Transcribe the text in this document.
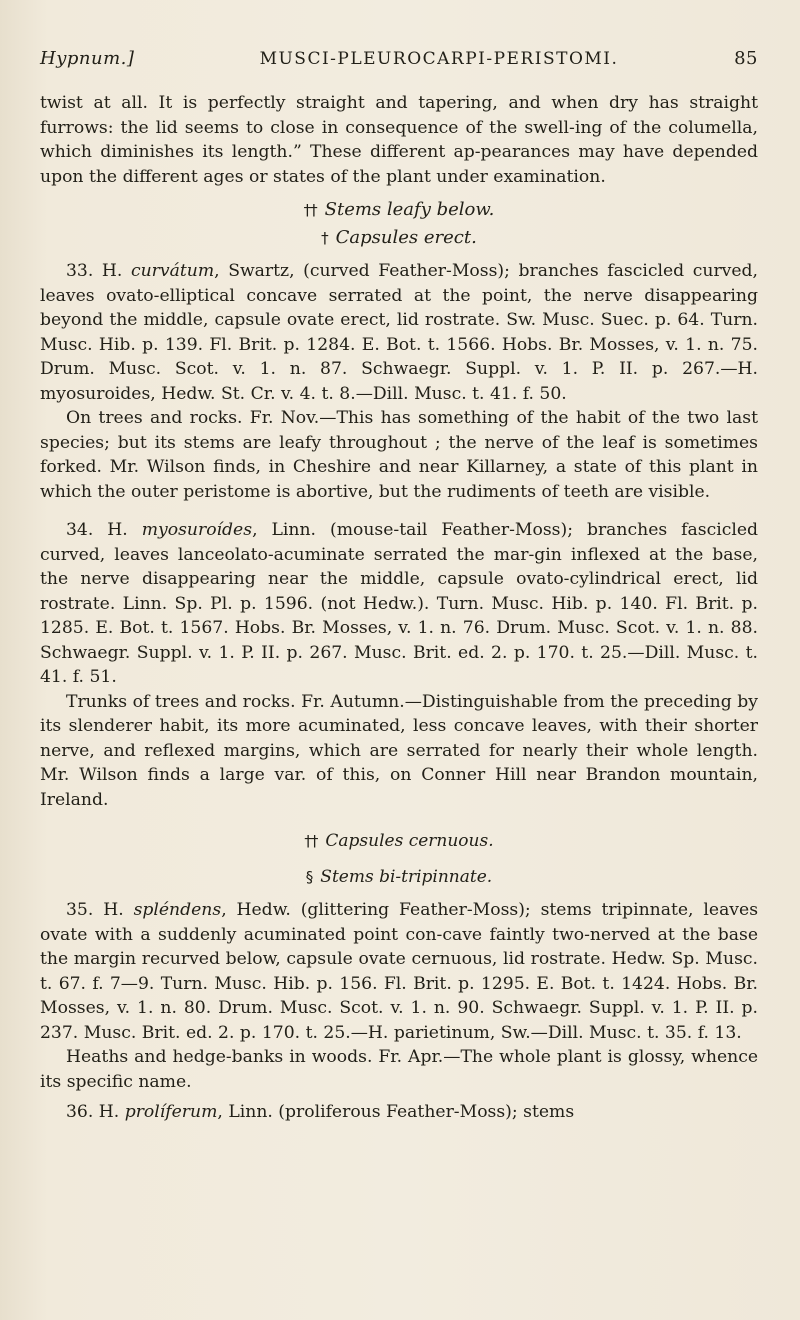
Hypnum.]	MUSCI-PLEUROCARPI-PERISTOMI.	85

twist at all. It is perfectly straight and tapering, and when dry has straight furrows: the lid seems to close in consequence of the swell-ing of the columella, which diminishes its length.” These different ap-pearances may have depended upon the different ages or states of the plant under examination.

†† Stems leafy below.
† Capsules erect.

33. H. curvátum, Swartz, (curved Feather-Moss); branches fascicled curved, leaves ovato-elliptical concave serrated at the point, the nerve disappearing beyond the middle, capsule ovate erect, lid rostrate. Sw. Musc. Suec. p. 64. Turn. Musc. Hib. p. 139. Fl. Brit. p. 1284. E. Bot. t. 1566. Hobs. Br. Mosses, v. 1. n. 75. Drum. Musc. Scot. v. 1. n. 87. Schwaegr. Suppl. v. 1. P. II. p. 267.—H. myosuroides, Hedw. St. Cr. v. 4. t. 8.—Dill. Musc. t. 41. f. 50.

On trees and rocks. Fr. Nov.—This has something of the habit of the two last species; but its stems are leafy throughout ; the nerve of the leaf is sometimes forked. Mr. Wilson finds, in Cheshire and near Killarney, a state of this plant in which the outer peristome is abortive, but the rudiments of teeth are visible.

34. H. myosuroídes, Linn. (mouse-tail Feather-Moss); branches fascicled curved, leaves lanceolato-acuminate serrated the mar-gin inflexed at the base, the nerve disappearing near the middle, capsule ovato-cylindrical erect, lid rostrate. Linn. Sp. Pl. p. 1596. (not Hedw.). Turn. Musc. Hib. p. 140. Fl. Brit. p. 1285. E. Bot. t. 1567. Hobs. Br. Mosses, v. 1. n. 76. Drum. Musc. Scot. v. 1. n. 88. Schwaegr. Suppl. v. 1. P. II. p. 267. Musc. Brit. ed. 2. p. 170. t. 25.—Dill. Musc. t. 41. f. 51.

Trunks of trees and rocks. Fr. Autumn.—Distinguishable from the preceding by its slenderer habit, its more acuminated, less concave leaves, with their shorter nerve, and reflexed margins, which are serrated for nearly their whole length. Mr. Wilson finds a large var. of this, on Conner Hill near Brandon mountain, Ireland.

†† Capsules cernuous.
§ Stems bi-tripinnate.

35. H. spléndens, Hedw. (glittering Feather-Moss); stems tripinnate, leaves ovate with a suddenly acuminated point con-cave faintly two-nerved at the base the margin recurved below, capsule ovate cernuous, lid rostrate. Hedw. Sp. Musc. t. 67. f. 7—9. Turn. Musc. Hib. p. 156. Fl. Brit. p. 1295. E. Bot. t. 1424. Hobs. Br. Mosses, v. 1. n. 80. Drum. Musc. Scot. v. 1. n. 90. Schwaegr. Suppl. v. 1. P. II. p. 237. Musc. Brit. ed. 2. p. 170. t. 25.—H. parietinum, Sw.—Dill. Musc. t. 35. f. 13.

Heaths and hedge-banks in woods. Fr. Apr.—The whole plant is glossy, whence its specific name.

36. H. prolíferum, Linn. (proliferous Feather-Moss); stems
